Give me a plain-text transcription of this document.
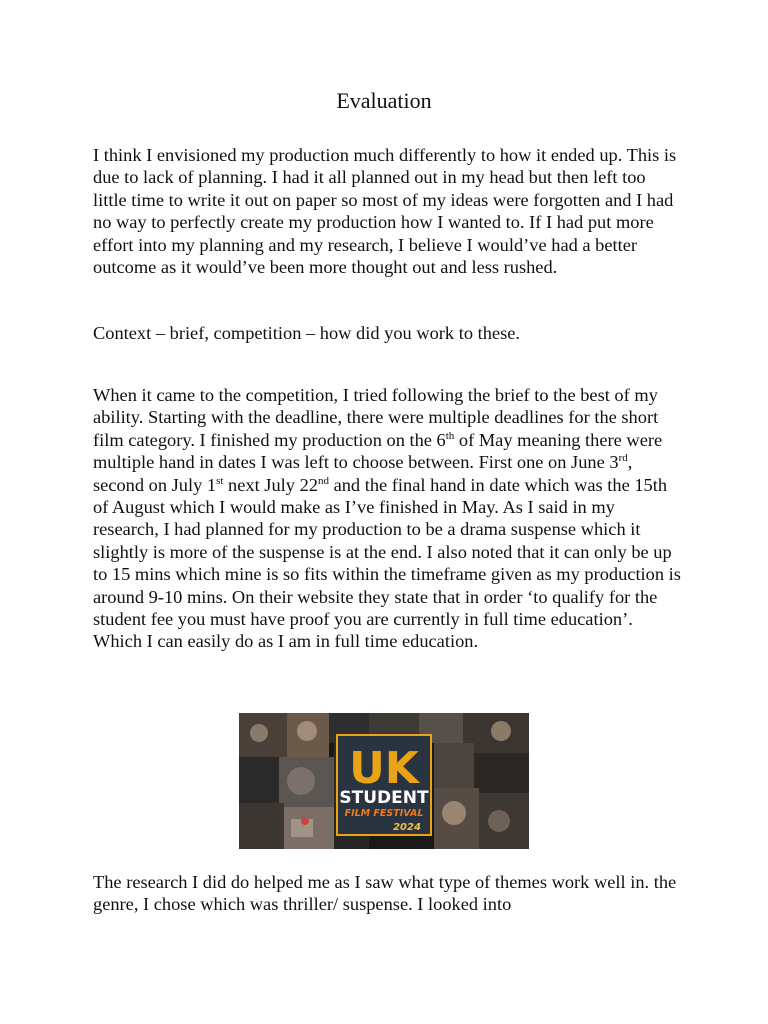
Evaluation

I think I envisioned my production much differently to how it ended up. This is due to lack of planning. I had it all planned out in my head but then left too little time to write it out on paper so most of my ideas were forgotten and I had no way to perfectly create my production how I wanted to. If I had put more effort into my planning and my research, I believe I would’ve had a better outcome as it would’ve been more thought out and less rushed.

Context – brief, competition – how did you work to these.

When it came to the competition, I tried following the brief to the best of my ability. Starting with the deadline, there were multiple deadlines for the short film category. I finished my production on the 6th of May meaning there were multiple hand in dates I was left to choose between. First one on June 3rd, second on July 1st next July 22nd and the final hand in date which was the 15th of August which I would make as I’ve finished in May. As I said in my research, I had planned for my production to be a drama suspense which it slightly is more of the suspense is at the end. I also noted that it can only be up to 15 mins which mine is so fits within the timeframe given as my production is around 9-10 mins. On their website they state that in order ‘to qualify for the student fee you must have proof you are currently in full time education’. Which I can easily do as I am in full time education.

UK
STUDENT
FILM FESTIVAL
2024

The research I did do helped me as I saw what type of themes work well in. the genre, I chose which was thriller/ suspense. I looked into
